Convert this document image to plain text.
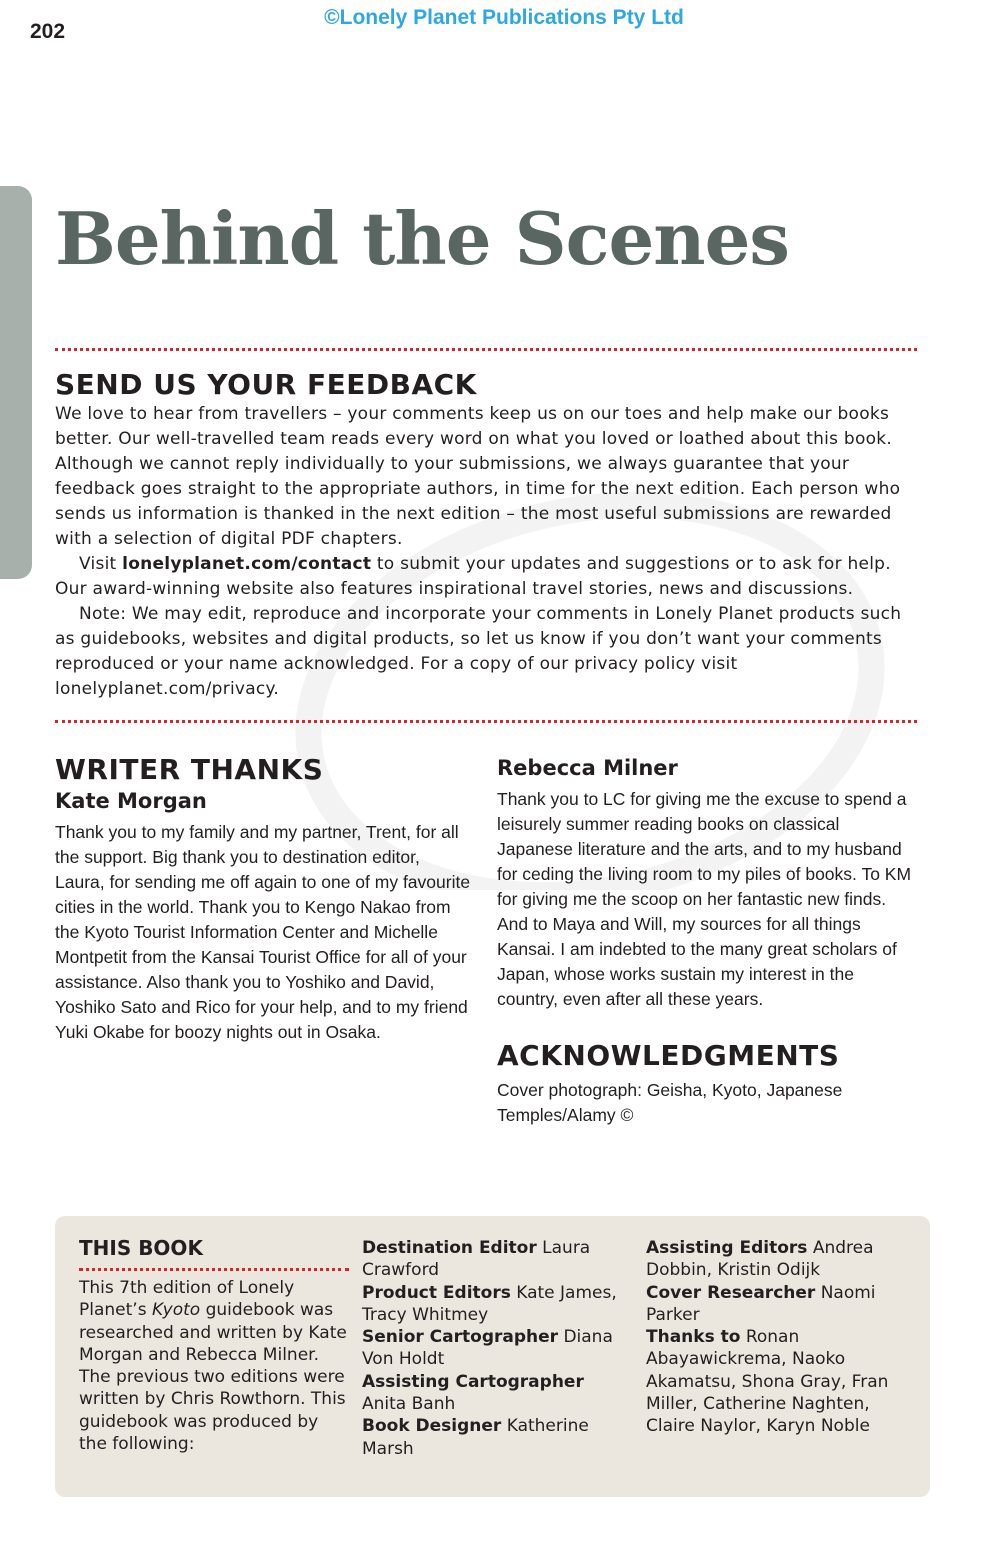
©Lonely Planet Publications Pty Ltd
202
Behind the Scenes
SEND US YOUR FEEDBACK

We love to hear from travellers – your comments keep us on our toes and help make our books better. Our well-travelled team reads every word on what you loved or loathed about this book. Although we cannot reply individually to your submissions, we always guarantee that your feedback goes straight to the appropriate authors, in time for the next edition. Each person who sends us information is thanked in the next edition – the most useful submissions are rewarded with a selection of digital PDF chapters.

Visit lonelyplanet.com/contact to submit your updates and suggestions or to ask for help. Our award-winning website also features inspirational travel stories, news and discussions.

Note: We may edit, reproduce and incorporate your comments in Lonely Planet products such as guidebooks, websites and digital products, so let us know if you don’t want your comments reproduced or your name acknowledged. For a copy of our privacy policy visit lonelyplanet.com/privacy.

WRITER THANKS
Kate Morgan

Thank you to my family and my partner, Trent, for all the support. Big thank you to destination editor, Laura, for sending me off again to one of my favourite cities in the world. Thank you to Kengo Nakao from the Kyoto Tourist Information Center and Michelle Montpetit from the Kansai Tourist Office for all of your assistance. Also thank you to Yoshiko and David, Yoshiko Sato and Rico for your help, and to my friend Yuki Okabe for boozy nights out in Osaka.

Rebecca Milner

Thank you to LC for giving me the excuse to spend a leisurely summer reading books on classical Japanese literature and the arts, and to my husband for ceding the living room to my piles of books. To KM for giving me the scoop on her fantastic new finds. And to Maya and Will, my sources for all things Kansai. I am indebted to the many great scholars of Japan, whose works sustain my interest in the country, even after all these years.

ACKNOWLEDGMENTS

Cover photograph: Geisha, Kyoto, Japanese Temples/Alamy ©

THIS BOOK

This 7th edition of Lonely Planet’s Kyoto guidebook was researched and written by Kate Morgan and Rebecca Milner. The previous two editions were written by Chris Rowthorn. This guidebook was produced by the following:

Destination Editor Laura Crawford

Product Editors Kate James, Tracy Whitmey

Senior Cartographer Diana Von Holdt

Assisting Cartographer Anita Banh

Book Designer Katherine Marsh

Assisting Editors Andrea Dobbin, Kristin Odijk

Cover Researcher Naomi Parker

Thanks to Ronan Abayawickrema, Naoko Akamatsu, Shona Gray, Fran Miller, Catherine Naghten, Claire Naylor, Karyn Noble
